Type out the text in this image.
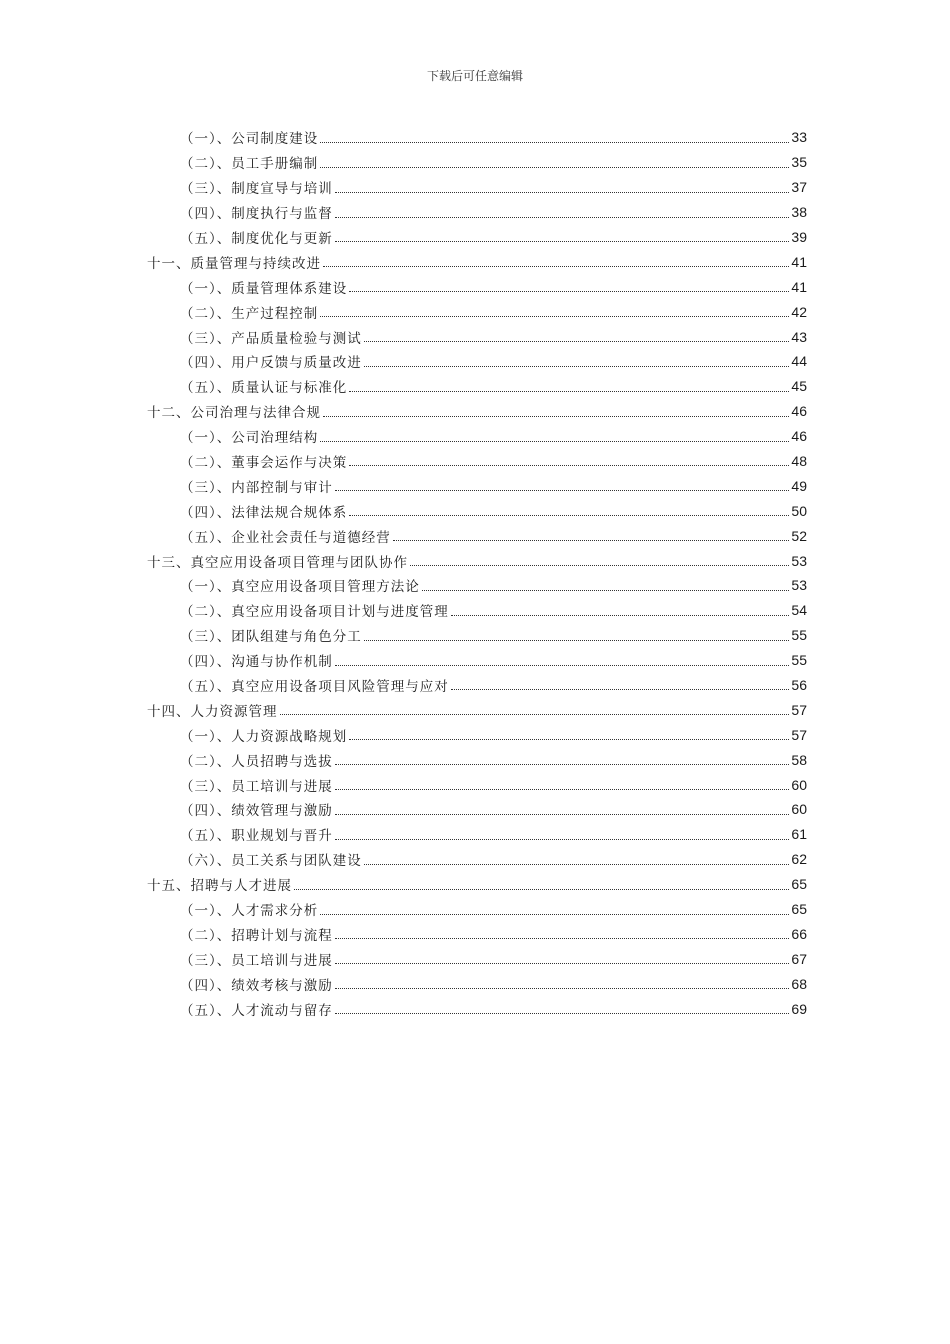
下载后可任意编辑
（一）、公司制度建设	33
（二）、员工手册编制	35
（三）、制度宣导与培训	37
（四）、制度执行与监督	38
（五）、制度优化与更新	39
十一、质量管理与持续改进	41
（一）、质量管理体系建设	41
（二）、生产过程控制	42
（三）、产品质量检验与测试	43
（四）、用户反馈与质量改进	44
（五）、质量认证与标准化	45
十二、公司治理与法律合规	46
（一）、公司治理结构	46
（二）、董事会运作与决策	48
（三）、内部控制与审计	49
（四）、法律法规合规体系	50
（五）、企业社会责任与道德经营	52
十三、真空应用设备项目管理与团队协作	53
（一）、真空应用设备项目管理方法论	53
（二）、真空应用设备项目计划与进度管理	54
（三）、团队组建与角色分工	55
（四）、沟通与协作机制	55
（五）、真空应用设备项目风险管理与应对	56
十四、人力资源管理	57
（一）、人力资源战略规划	57
（二）、人员招聘与选拔	58
（三）、员工培训与进展	60
（四）、绩效管理与激励	60
（五）、职业规划与晋升	61
（六）、员工关系与团队建设	62
十五、招聘与人才进展	65
（一）、人才需求分析	65
（二）、招聘计划与流程	66
（三）、员工培训与进展	67
（四）、绩效考核与激励	68
（五）、人才流动与留存	69
